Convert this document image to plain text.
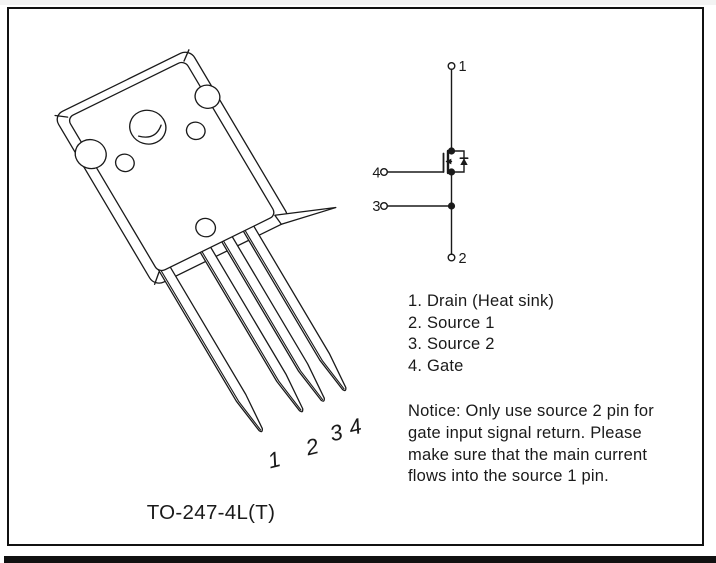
1 2
3 4
1
2
3
4
1. Drain (Heat sink)
2. Source 1
3. Source 2
4. Gate
Notice: Only use source 2 pin for
gate input signal return. Please
make sure that the main current
flows into the source 1 pin.
TO-247-4L(T)
